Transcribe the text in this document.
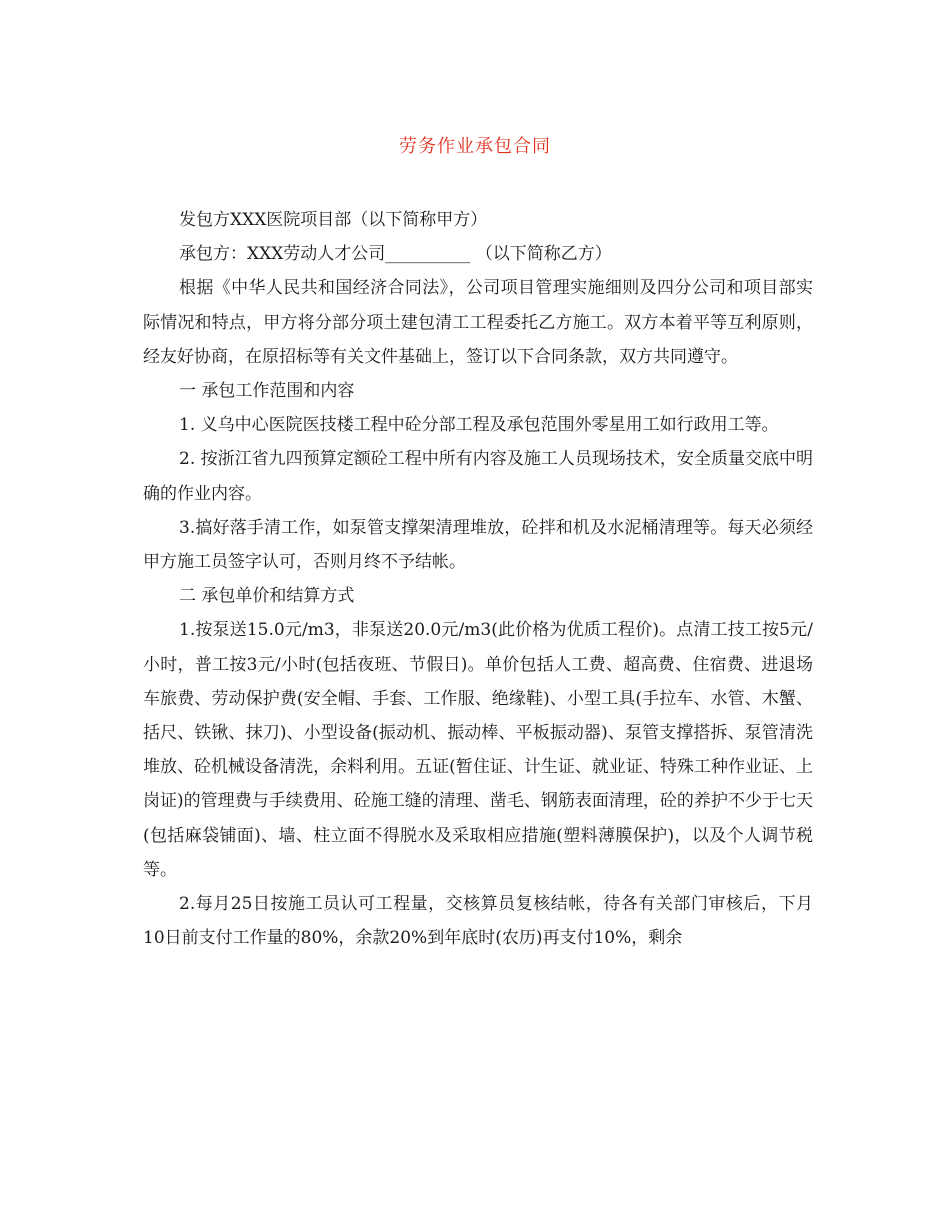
劳务作业承包合同

发包方XXX医院项目部（以下简称甲方）

承包方：XXX劳动人才公司__________ （以下简称乙方）

根据《中华人民共和国经济合同法》，公司项目管理实施细则及四分公司和项目部实际情况和特点，甲方将分部分项土建包清工工程委托乙方施工。双方本着平等互利原则，经友好协商，在原招标等有关文件基础上，签订以下合同条款，双方共同遵守。

一 承包工作范围和内容

1. 义乌中心医院医技楼工程中砼分部工程及承包范围外零星用工如行政用工等。

2. 按浙江省九四预算定额砼工程中所有内容及施工人员现场技术，安全质量交底中明确的作业内容。

3.搞好落手清工作，如泵管支撑架清理堆放，砼拌和机及水泥桶清理等。每天必须经甲方施工员签字认可，否则月终不予结帐。

二 承包单价和结算方式

1.按泵送15.0元/m3，非泵送20.0元/m3(此价格为优质工程价)。点清工技工按5元/小时，普工按3元/小时(包括夜班、节假日)。单价包括人工费、超高费、住宿费、进退场车旅费、劳动保护费(安全帽、手套、工作服、绝缘鞋)、小型工具(手拉车、水管、木蟹、括尺、铁锹、抹刀)、小型设备(振动机、振动棒、平板振动器)、泵管支撑搭拆、泵管清洗堆放、砼机械设备清洗，余料利用。五证(暂住证、计生证、就业证、特殊工种作业证、上岗证)的管理费与手续费用、砼施工缝的清理、凿毛、钢筋表面清理，砼的养护不少于七天(包括麻袋铺面)、墙、柱立面不得脱水及采取相应措施(塑料薄膜保护)，以及个人调节税等。

2.每月25日按施工员认可工程量，交核算员复核结帐，待各有关部门审核后，下月10日前支付工作量的80%，余款20%到年底时(农历)再支付10%，剩余
